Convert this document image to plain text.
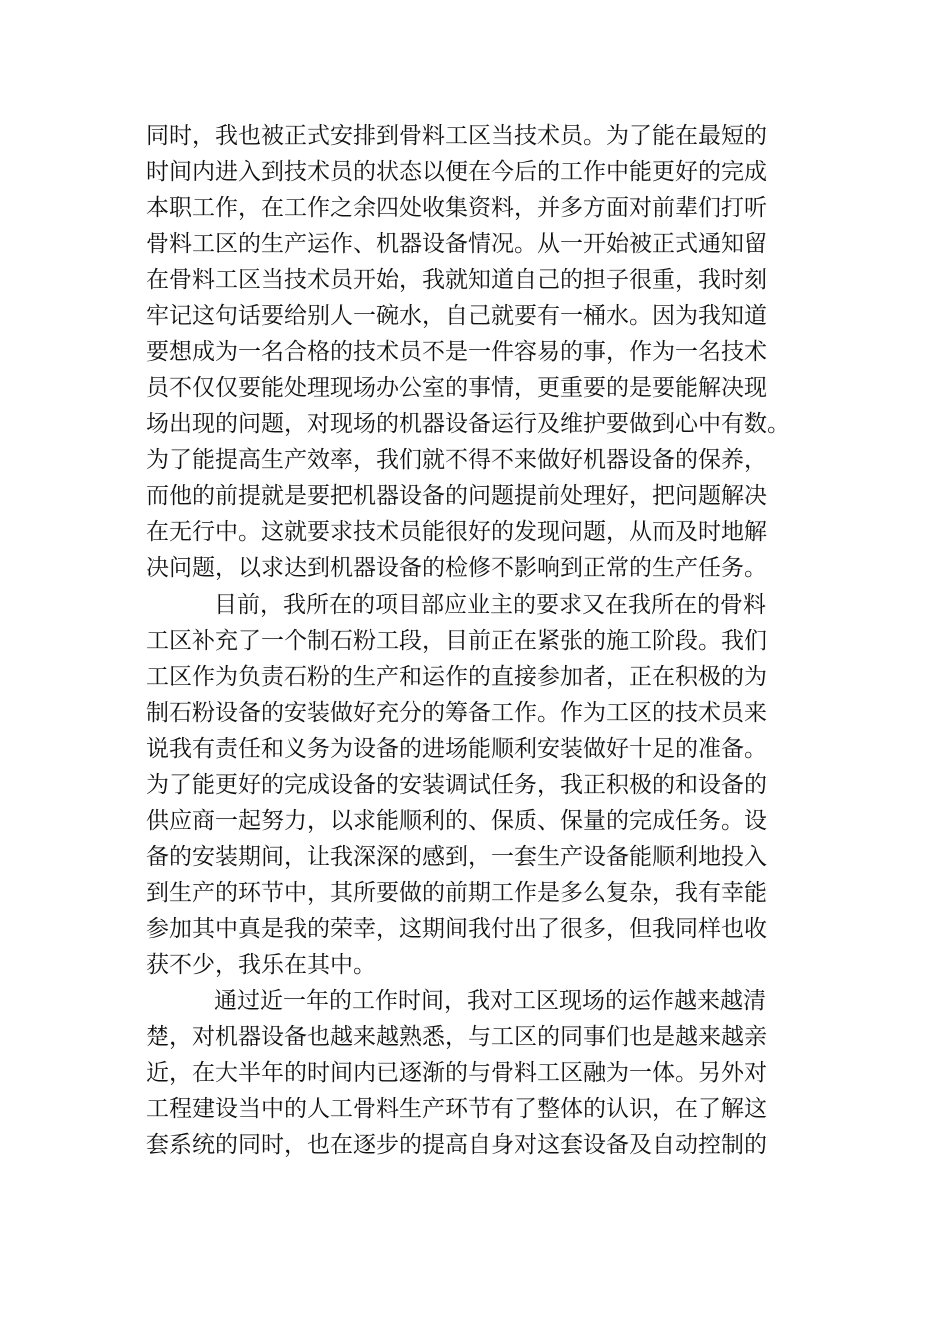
同时，我也被正式安排到骨料工区当技术员。为了能在最短的
时间内进入到技术员的状态以便在今后的工作中能更好的完成
本职工作，在工作之余四处收集资料，并多方面对前辈们打听
骨料工区的生产运作、机器设备情况。从一开始被正式通知留
在骨料工区当技术员开始，我就知道自己的担子很重，我时刻
牢记这句话要给别人一碗水，自己就要有一桶水。因为我知道
要想成为一名合格的技术员不是一件容易的事，作为一名技术
员不仅仅要能处理现场办公室的事情，更重要的是要能解决现
场出现的问题，对现场的机器设备运行及维护要做到心中有数。
为了能提高生产效率，我们就不得不来做好机器设备的保养，
而他的前提就是要把机器设备的问题提前处理好，把问题解决
在无行中。这就要求技术员能很好的发现问题，从而及时地解
决问题，以求达到机器设备的检修不影响到正常的生产任务。
目前，我所在的项目部应业主的要求又在我所在的骨料
工区补充了一个制石粉工段，目前正在紧张的施工阶段。我们
工区作为负责石粉的生产和运作的直接参加者，正在积极的为
制石粉设备的安装做好充分的筹备工作。作为工区的技术员来
说我有责任和义务为设备的进场能顺利安装做好十足的准备。
为了能更好的完成设备的安装调试任务，我正积极的和设备的
供应商一起努力，以求能顺利的、保质、保量的完成任务。设
备的安装期间，让我深深的感到，一套生产设备能顺利地投入
到生产的环节中，其所要做的前期工作是多么复杂，我有幸能
参加其中真是我的荣幸，这期间我付出了很多，但我同样也收
获不少，我乐在其中。
通过近一年的工作时间，我对工区现场的运作越来越清
楚，对机器设备也越来越熟悉，与工区的同事们也是越来越亲
近，在大半年的时间内已逐渐的与骨料工区融为一体。另外对
工程建设当中的人工骨料生产环节有了整体的认识，在了解这
套系统的同时，也在逐步的提高自身对这套设备及自动控制的
